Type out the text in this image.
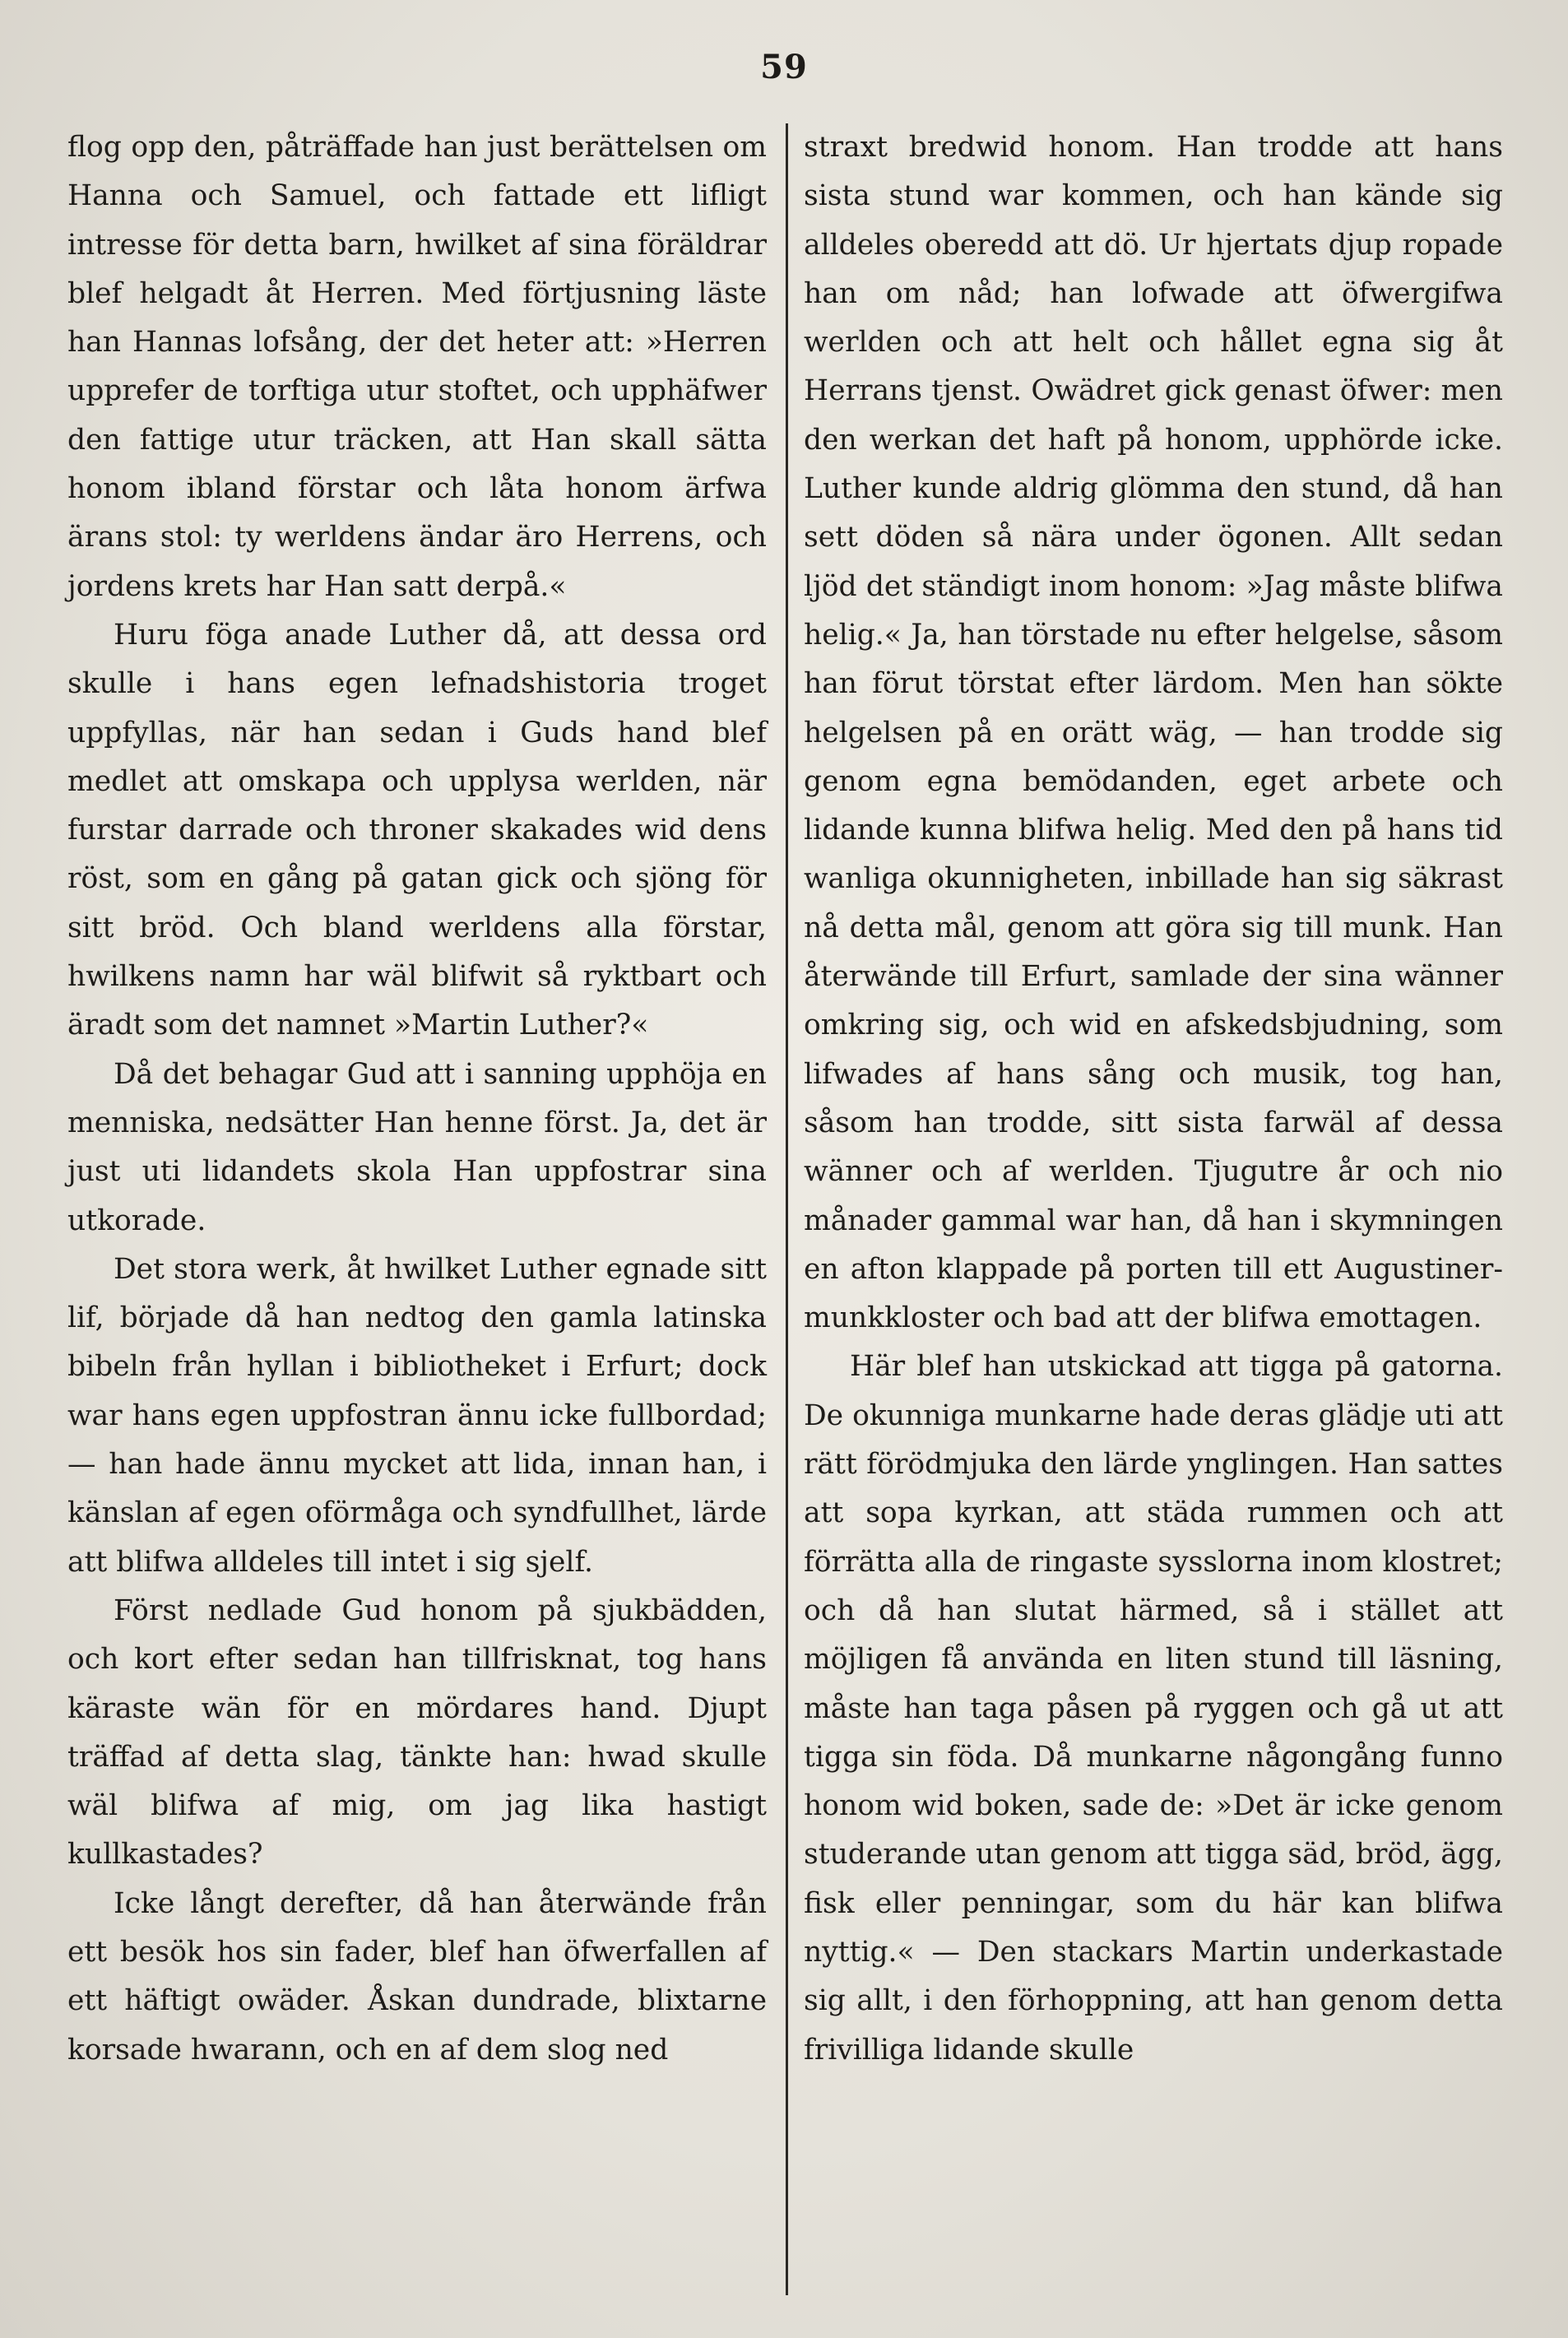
59

flog opp den, påträffade han just berättelsen om Hanna och Samuel, och fattade ett lifligt intresse för detta barn, hwilket af sina föräldrar blef helgadt åt Herren. Med förtjusning läste han Hannas lofsång, der det heter att: »Herren upprefer de torftiga utur stoftet, och upphäfwer den fattige utur träcken, att Han skall sätta honom ibland förstar och låta honom ärfwa ärans stol: ty werldens ändar äro Herrens, och jordens krets har Han satt derpå.«

Huru föga anade Luther då, att dessa ord skulle i hans egen lefnadshistoria troget uppfyllas, när han sedan i Guds hand blef medlet att omskapa och upplysa werlden, när furstar darrade och throner skakades wid dens röst, som en gång på gatan gick och sjöng för sitt bröd. Och bland werldens alla förstar, hwilkens namn har wäl blifwit så ryktbart och äradt som det namnet »Martin Luther?«

Då det behagar Gud att i sanning upphöja en menniska, nedsätter Han henne först. Ja, det är just uti lidandets skola Han uppfostrar sina utkorade.

Det stora werk, åt hwilket Luther egnade sitt lif, började då han nedtog den gamla latinska bibeln från hyllan i bibliotheket i Erfurt; dock war hans egen uppfostran ännu icke fullbordad; — han hade ännu mycket att lida, innan han, i känslan af egen oförmåga och syndfullhet, lärde att blifwa alldeles till intet i sig sjelf.

Först nedlade Gud honom på sjukbädden, och kort efter sedan han tillfrisknat, tog hans käraste wän för en mördares hand. Djupt träffad af detta slag, tänkte han: hwad skulle wäl blifwa af mig, om jag lika hastigt kullkastades?

Icke långt derefter, då han återwände från ett besök hos sin fader, blef han öfwerfallen af ett häftigt owäder. Åskan dundrade, blixtarne korsade hwarann, och en af dem slog ned

straxt bredwid honom. Han trodde att hans sista stund war kommen, och han kände sig alldeles oberedd att dö. Ur hjertats djup ropade han om nåd; han lofwade att öfwergifwa werlden och att helt och hållet egna sig åt Herrans tjenst. Owädret gick genast öfwer: men den werkan det haft på honom, upphörde icke. Luther kunde aldrig glömma den stund, då han sett döden så nära under ögonen. Allt sedan ljöd det ständigt inom honom: »Jag måste blifwa helig.« Ja, han törstade nu efter helgelse, såsom han förut törstat efter lärdom. Men han sökte helgelsen på en orätt wäg, — han trodde sig genom egna bemödanden, eget arbete och lidande kunna blifwa helig. Med den på hans tid wanliga okunnigheten, inbillade han sig säkrast nå detta mål, genom att göra sig till munk. Han återwände till Erfurt, samlade der sina wänner omkring sig, och wid en afskedsbjudning, som lifwades af hans sång och musik, tog han, såsom han trodde, sitt sista farwäl af dessa wänner och af werlden. Tjugutre år och nio månader gammal war han, då han i skymningen en afton klappade på porten till ett Augustiner-munkkloster och bad att der blifwa emottagen.

Här blef han utskickad att tigga på gatorna. De okunniga munkarne hade deras glädje uti att rätt förödmjuka den lärde ynglingen. Han sattes att sopa kyrkan, att städa rummen och att förrätta alla de ringaste sysslorna inom klostret; och då han slutat härmed, så i stället att möjligen få använda en liten stund till läsning, måste han taga påsen på ryggen och gå ut att tigga sin föda. Då munkarne någongång funno honom wid boken, sade de: »Det är icke genom studerande utan genom att tigga säd, bröd, ägg, fisk eller penningar, som du här kan blifwa nyttig.« — Den stackars Martin underkastade sig allt, i den förhoppning, att han genom detta frivilliga lidande skulle
